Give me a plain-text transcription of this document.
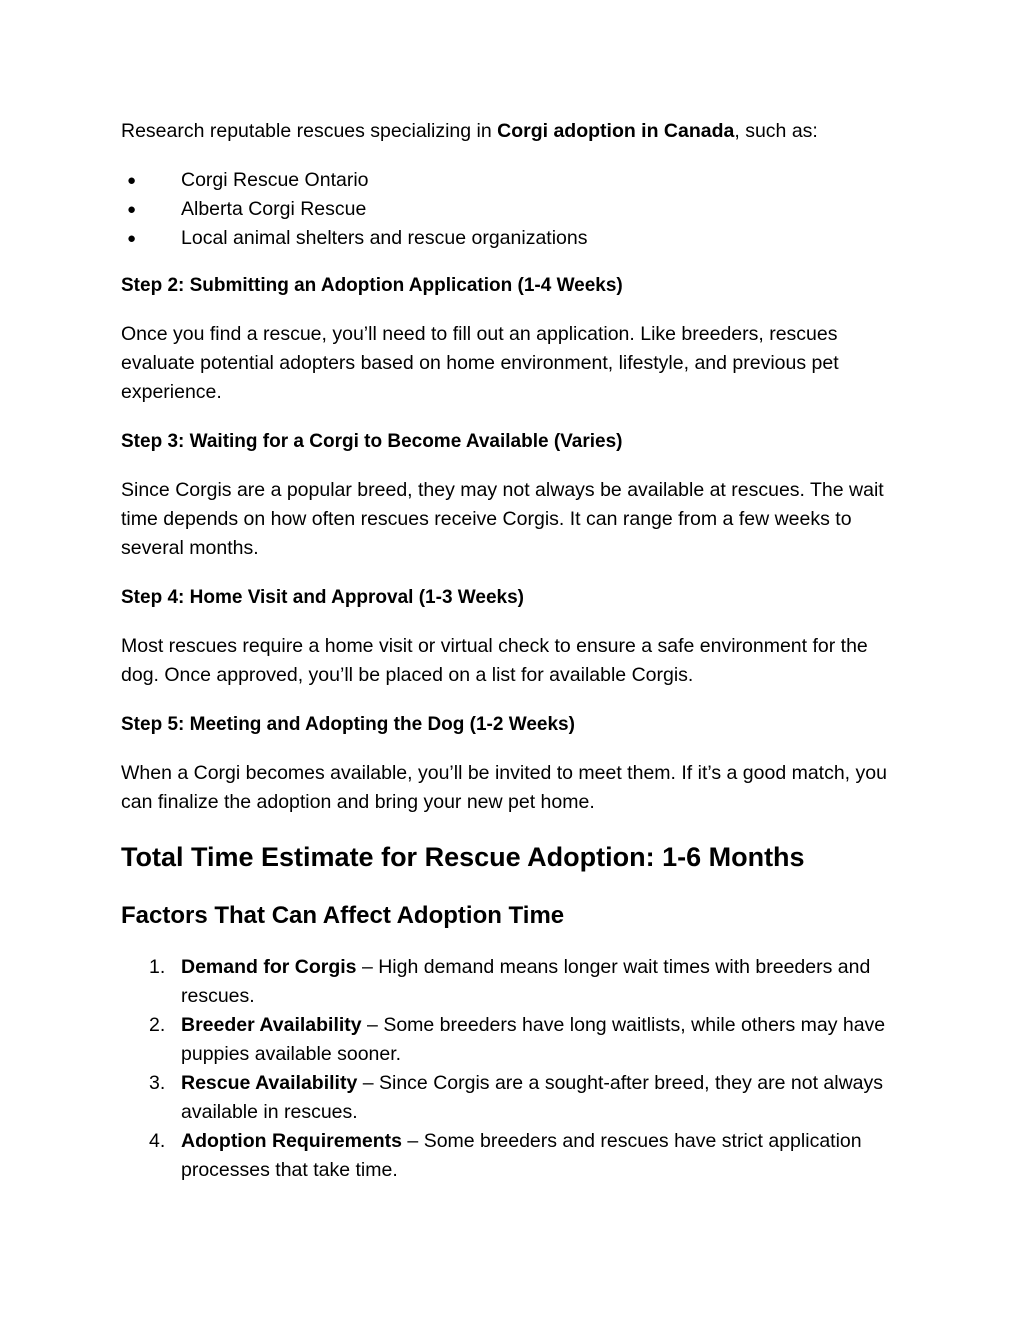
Research reputable rescues specializing in Corgi adoption in Canada, such as:

● Corgi Rescue Ontario
● Alberta Corgi Rescue
● Local animal shelters and rescue organizations
Step 2: Submitting an Adoption Application (1-4 Weeks)

Once you find a rescue, you’ll need to fill out an application. Like breeders, rescues evaluate potential adopters based on home environment, lifestyle, and previous pet experience.

Step 3: Waiting for a Corgi to Become Available (Varies)

Since Corgis are a popular breed, they may not always be available at rescues. The wait time depends on how often rescues receive Corgis. It can range from a few weeks to several months.

Step 4: Home Visit and Approval (1-3 Weeks)

Most rescues require a home visit or virtual check to ensure a safe environment for the dog. Once approved, you’ll be placed on a list for available Corgis.

Step 5: Meeting and Adopting the Dog (1-2 Weeks)

When a Corgi becomes available, you’ll be invited to meet them. If it’s a good match, you can finalize the adoption and bring your new pet home.

Total Time Estimate for Rescue Adoption: 1-6 Months
Factors That Can Affect Adoption Time
1. Demand for Corgis – High demand means longer wait times with breeders and rescues.
2. Breeder Availability – Some breeders have long waitlists, while others may have puppies available sooner.
3. Rescue Availability – Since Corgis are a sought-after breed, they are not always available in rescues.
4. Adoption Requirements – Some breeders and rescues have strict application processes that take time.
